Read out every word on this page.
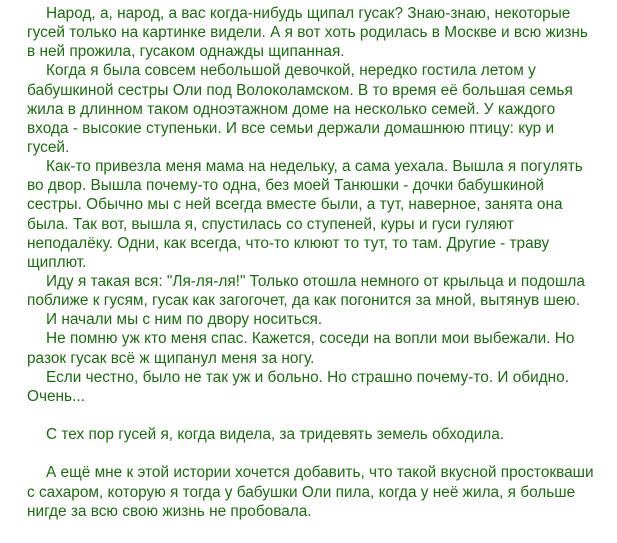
Народ, а, народ, а вас когда-нибудь щипал гусак? Знаю-знаю, некоторые
гусей только на картинке видели. А я вот хоть родилась в Москве и всю жизнь
в ней прожила, гусаком однажды щипанная.
Когда я была совсем небольшой девочкой, нередко гостила летом у
бабушкиной сестры Оли под Волоколамском. В то время её большая семья
жила в длинном таком одноэтажном доме на несколько семей. У каждого
входа - высокие ступеньки. И все семьи держали домашнюю птицу: кур и
гусей.
Как-то привезла меня мама на недельку, а сама уехала. Вышла я погулять
во двор. Вышла почему-то одна, без моей Танюшки - дочки бабушкиной
сестры. Обычно мы с ней всегда вместе были, а тут, наверное, занята она
была. Так вот, вышла я, спустилась со ступеней, куры и гуси гуляют
неподалёку. Одни, как всегда, что-то клюют то тут, то там. Другие - траву
щиплют.
Иду я такая вся: "Ля-ля-ля!" Только отошла немного от крыльца и подошла
поближе к гусям, гусак как загогочет, да как погонится за мной, вытянув шею.
И начали мы с ним по двору носиться.
Не помню уж кто меня спас. Кажется, соседи на вопли мои выбежали. Но
разок гусак всё ж щипанул меня за ногу.
Если честно, было не так уж и больно. Но страшно почему-то. И обидно.
Очень...
С тех пор гусей я, когда видела, за тридевять земель обходила.
А ещё мне к этой истории хочется добавить, что такой вкусной простокваши
с сахаром, которую я тогда у бабушки Оли пила, когда у неё жила, я больше
нигде за всю свою жизнь не пробовала.
